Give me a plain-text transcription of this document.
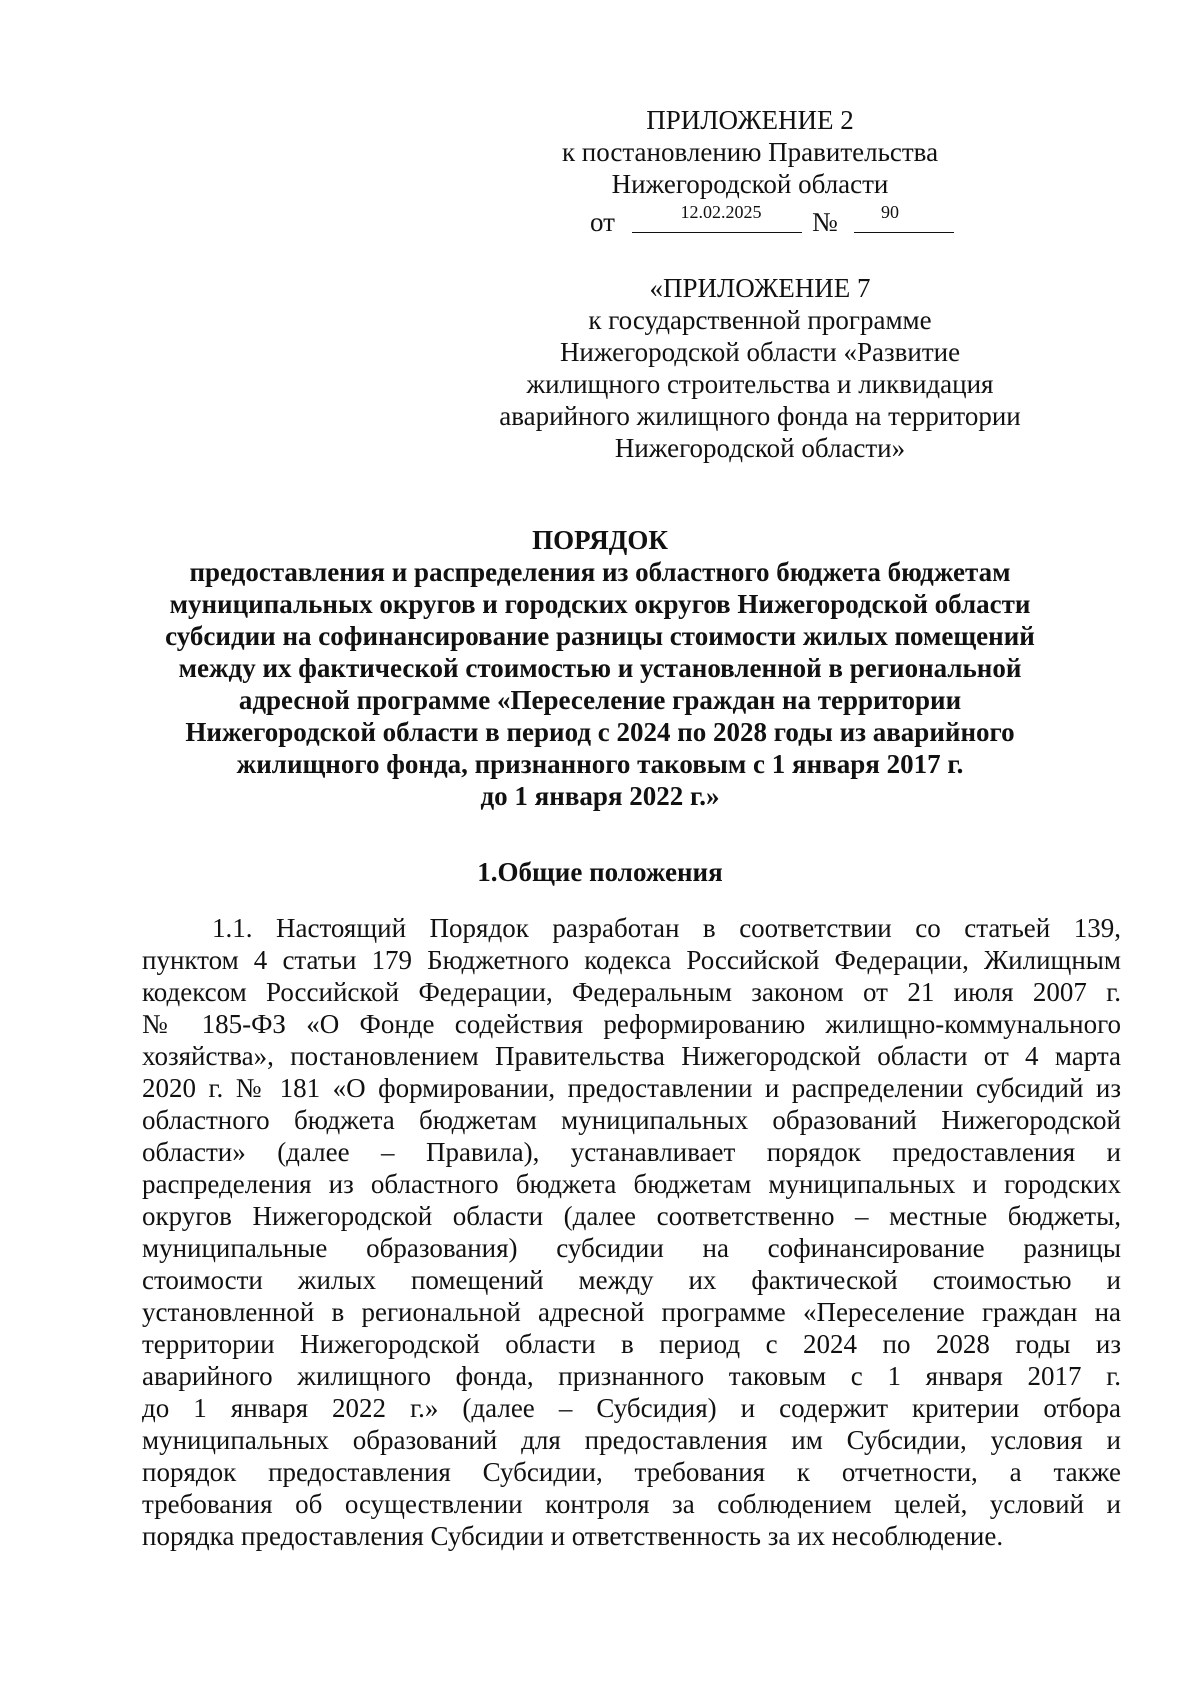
ПРИЛОЖЕНИЕ 2
к постановлению Правительства
Нижегородской области
от	12.02.2025	№	90
«ПРИЛОЖЕНИЕ 7
к государственной программе
Нижегородской области «Развитие
жилищного строительства и ликвидация
аварийного жилищного фонда на территории
Нижегородской области»
ПОРЯДОК
предоставления и распределения из областного бюджета бюджетам
муниципальных округов и городских округов Нижегородской области
субсидии на софинансирование разницы стоимости жилых помещений
между их фактической стоимостью и установленной в региональной
адресной программе «Переселение граждан на территории
Нижегородской области в период с 2024 по 2028 годы из аварийного
жилищного фонда, признанного таковым с 1 января 2017 г.
до 1 января 2022 г.»
1.Общие положения
1.1. Настоящий Порядок разработан в соответствии со статьей 139,
пунктом 4 статьи 179 Бюджетного кодекса Российской Федерации, Жилищным
кодексом Российской Федерации, Федеральным законом от 21 июля 2007 г.
№ 185-ФЗ «О Фонде содействия реформированию жилищно-коммунального
хозяйства», постановлением Правительства Нижегородской области от 4 марта
2020 г. № 181 «О формировании, предоставлении и распределении субсидий из
областного бюджета бюджетам муниципальных образований Нижегородской
области» (далее – Правила), устанавливает порядок предоставления и
распределения из областного бюджета бюджетам муниципальных и городских
округов Нижегородской области (далее соответственно – местные бюджеты,
муниципальные образования) субсидии на софинансирование разницы
стоимости жилых помещений между их фактической стоимостью и
установленной в региональной адресной программе «Переселение граждан на
территории Нижегородской области в период с 2024 по 2028 годы из
аварийного жилищного фонда, признанного таковым с 1 января 2017 г.
до 1 января 2022 г.» (далее – Субсидия) и содержит критерии отбора
муниципальных образований для предоставления им Субсидии, условия и
порядок предоставления Субсидии, требования к отчетности, а также
требования об осуществлении контроля за соблюдением целей, условий и
порядка предоставления Субсидии и ответственность за их несоблюдение.
